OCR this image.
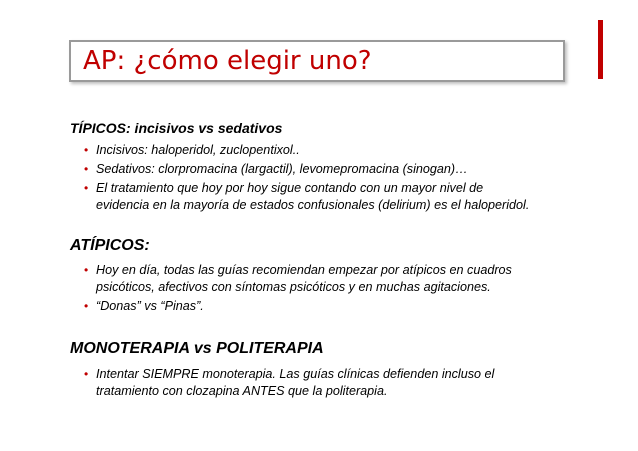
AP: ¿cómo elegir uno?
TÍPICOS: incisivos vs sedativos
• Incisivos: haloperidol, zuclopentixol..
• Sedativos: clorpromacina (largactil), levomepromacina (sinogan)…
• El tratamiento que hoy por hoy sigue contando con un mayor nivel de
evidencia en la mayoría de estados confusionales (delirium) es el haloperidol.
ATÍPICOS:
• Hoy en día, todas las guías recomiendan empezar por atípicos en cuadros
psicóticos, afectivos con síntomas psicóticos y en muchas agitaciones.
• “Donas” vs “Pinas”.
MONOTERAPIA vs POLITERAPIA
• Intentar SIEMPRE monoterapia. Las guías clínicas defienden incluso el
tratamiento con clozapina ANTES que la politerapia.
